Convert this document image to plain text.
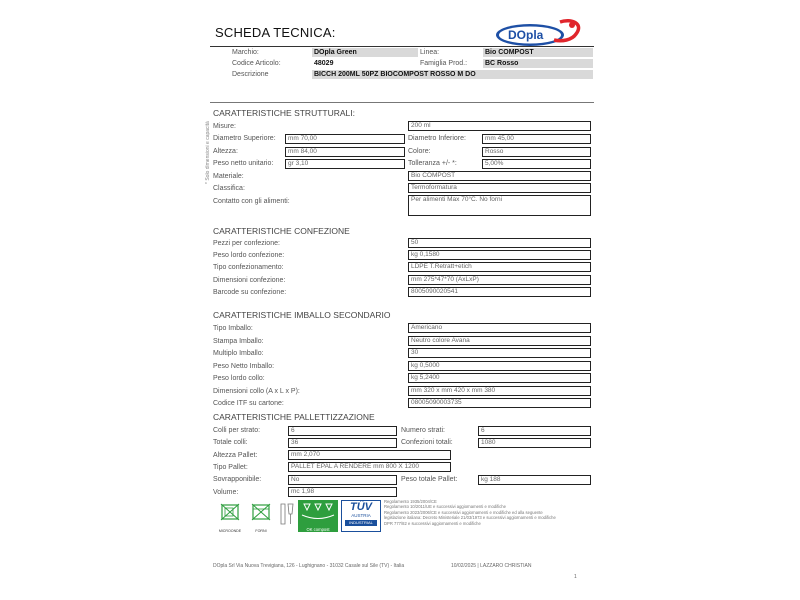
SCHEDA TECNICA:	DOpla
Marchio:	DOpla Green	Linea:	Bio COMPOST
Codice Articolo:	48029	Famiglia Prod.:	BC Rosso
Descrizione	BICCH 200ML 50PZ BIOCOMPOST ROSSO M DO
* Solo dimensioni e capacità
CARATTERISTICHE STRUTTURALI:
Misure:	200 ml
Diametro Superiore:	mm 70,00	Diametro Inferiore:	mm 45,00
Altezza:	mm 84,00	Colore:	Rosso
Peso netto unitario:	gr 3,10	Tolleranza +/- *:	5,00%
Materiale:	Bio COMPOST
Classifica:	Termoformatura
Contatto con gli alimenti:	Per alimenti Max 70°C. No forni
CARATTERISTICHE CONFEZIONE
Pezzi per confezione:	50
Peso lordo confezione:	kg 0,1580
Tipo confezionamento:	LDPE T.Retratt+etich
Dimensioni confezione:	mm 275*47*70 (AxLxP)
Barcode su confezione:	8005090020541
CARATTERISTICHE IMBALLO SECONDARIO
Tipo Imballo:	Americano
Stampa Imballo:	Neutro colore Avana
Multiplo Imballo:	30
Peso Netto Imballo:	kg 0,5000
Peso lordo collo:	kg 5,2400
Dimensioni collo (A x L x P):	mm 320 x mm 420 x mm 380
Codice ITF su cartone:	08005090003735
CARATTERISTICHE PALLETTIZZAZIONE
Colli per strato:	6	Numero strati:	6
Totale colli:	36	Confezioni totali:	1080
Altezza Pallet:	mm 2,070
Tipo Pallet:	PALLET EPAL A RENDERE mm 800 X 1200
Sovrapponibile:	No	Peso totale Pallet:	kg 188
Volume:	mc 1,98
MICROONDE	FORNI	OK compost
TÜV
AUSTRIA
INDUSTRIAL
Regolamento 1935/2004/CE
Regolamento 10/2011/UE e successivi aggiornamenti e modifiche
Regolamento 2023/2006/CE e successivi aggiornamenti e modifiche ed alla seguente
legislazione italiana: Decreto Ministeriale 21/03/1973 e successivi aggiornamenti e modifiche
DPR 777/82 e successivi aggiornamenti e modifiche
DOpla Srl Via Nuova Trevigiana, 126 - Lughignano - 31032 Casale sul Sile (TV) - Italia	10/02/2025 | LAZZARO CHRISTIAN
1
